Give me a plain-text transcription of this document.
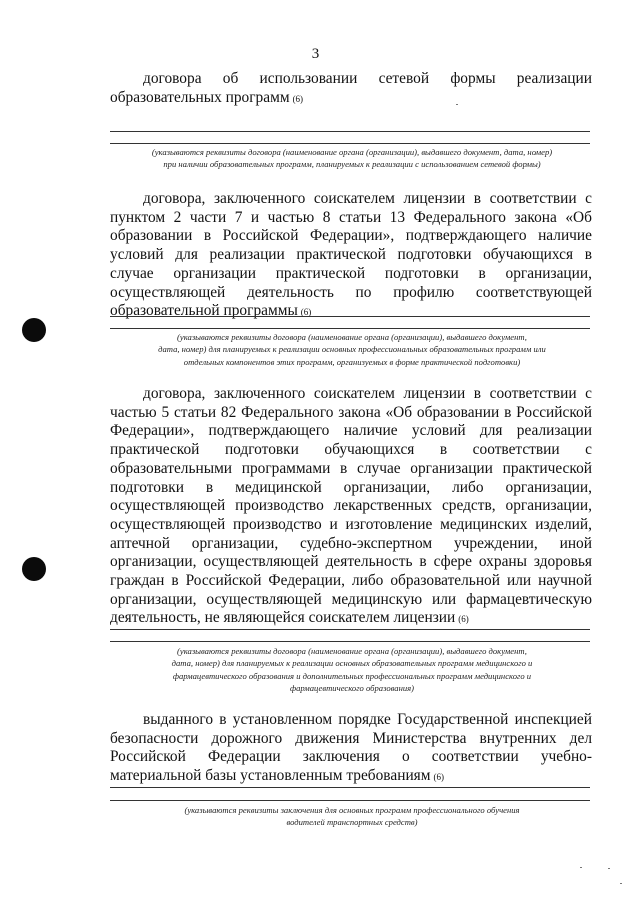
3
договора об использовании сетевой формы реализации образовательных программ (6)
(указываются реквизиты договора (наименование органа (организации), выдавшего документ, дата, номер)
при наличии образовательных программ, планируемых к реализации с использованием сетевой формы)
договора, заключенного соискателем лицензии в соответствии с пунктом 2 части 7 и частью 8 статьи 13 Федерального закона «Об образовании в Российской Федерации», подтверждающего наличие условий для реализации практической подготовки обучающихся в случае организации практической подготовки в организации, осуществляющей деятельность по профилю соответствующей образовательной программы (6)
(указываются реквизиты договора (наименование органа (организации), выдавшего документ,
дата, номер) для планируемых к реализации основных профессиональных образовательных программ или
отдельных компонентов этих программ, организуемых в форме практической подготовки)
договора, заключенного соискателем лицензии в соответствии с частью 5 статьи 82 Федерального закона «Об образовании в Российской Федерации», подтверждающего наличие условий для реализации практической подготовки обучающихся в соответствии с образовательными программами в случае организации практической подготовки в медицинской организации, либо организации, осуществляющей производство лекарственных средств, организации, осуществляющей производство и изготовление медицинских изделий, аптечной организации, судебно-экспертном учреждении, иной организации, осуществляющей деятельность в сфере охраны здоровья граждан в Российской Федерации, либо образовательной или научной организации, осуществляющей медицинскую или фармацевтическую деятельность, не являющейся соискателем лицензии (6)
(указываются реквизиты договора (наименование органа (организации), выдавшего документ,
дата, номер) для планируемых к реализации основных образовательных программ медицинского и
фармацевтического образования и дополнительных профессиональных программ медицинского и
фармацевтического образования)
выданного в установленном порядке Государственной инспекцией безопасности дорожного движения Министерства внутренних дел Российской Федерации заключения о соответствии учебно-материальной базы установленным требованиям (6)
(указываются реквизиты заключения для основных программ профессионального обучения
водителей транспортных средств)
